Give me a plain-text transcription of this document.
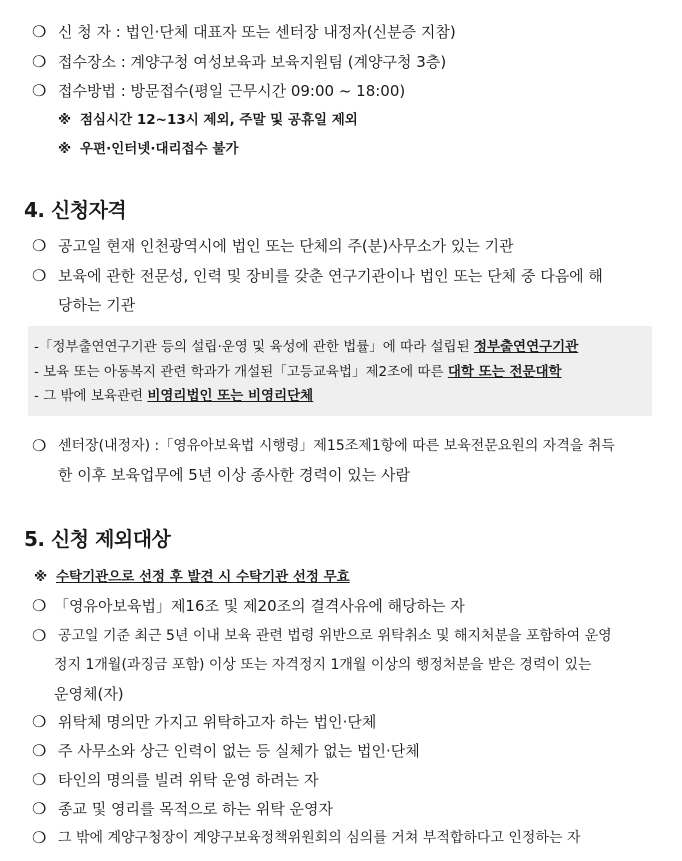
❍ 신 청 자 : 법인·단체 대표자 또는 센터장 내정자(신분증 지참)
❍ 접수장소 : 계양구청 여성보육과 보육지원팀 (계양구청 3층)
❍ 접수방법 : 방문접수(평일 근무시간 09:00 ~ 18:00)
※ 점심시간 12~13시 제외, 주말 및 공휴일 제외
※ 우편·인터넷·대리접수 불가
4. 신청자격
❍ 공고일 현재 인천광역시에 법인 또는 단체의 주(분)사무소가 있는 기관
❍ 보육에 관한 전문성, 인력 및 장비를 갖춘 연구기관이나 법인 또는 단체 중 다음에 해
당하는 기관
-「정부출연연구기관 등의 설립·운영 및 육성에 관한 법률」에 따라 설립된 정부출연연구기관
- 보육 또는 아동복지 관련 학과가 개설된「고등교육법」제2조에 따른 대학 또는 전문대학
- 그 밖에 보육관련 비영리법인 또는 비영리단체
❍ 센터장(내정자) :「영유아보육법 시행령」제15조제1항에 따른 보육전문요원의 자격을 취득
한 이후 보육업무에 5년 이상 종사한 경력이 있는 사람
5. 신청 제외대상
※ 수탁기관으로 선정 후 발견 시 수탁기관 선정 무효
❍ 「영유아보육법」제16조 및 제20조의 결격사유에 해당하는 자
❍ 공고일 기준 최근 5년 이내 보육 관련 법령 위반으로 위탁취소 및 해지처분을 포함하여 운영
정지 1개월(과징금 포함) 이상 또는 자격정지 1개월 이상의 행정처분을 받은 경력이 있는
운영체(자)
❍ 위탁체 명의만 가지고 위탁하고자 하는 법인·단체
❍ 주 사무소와 상근 인력이 없는 등 실체가 없는 법인·단체
❍ 타인의 명의를 빌려 위탁 운영 하려는 자
❍ 종교 및 영리를 목적으로 하는 위탁 운영자
❍ 그 밖에 계양구청장이 계양구보육정책위원회의 심의를 거쳐 부적합하다고 인정하는 자
